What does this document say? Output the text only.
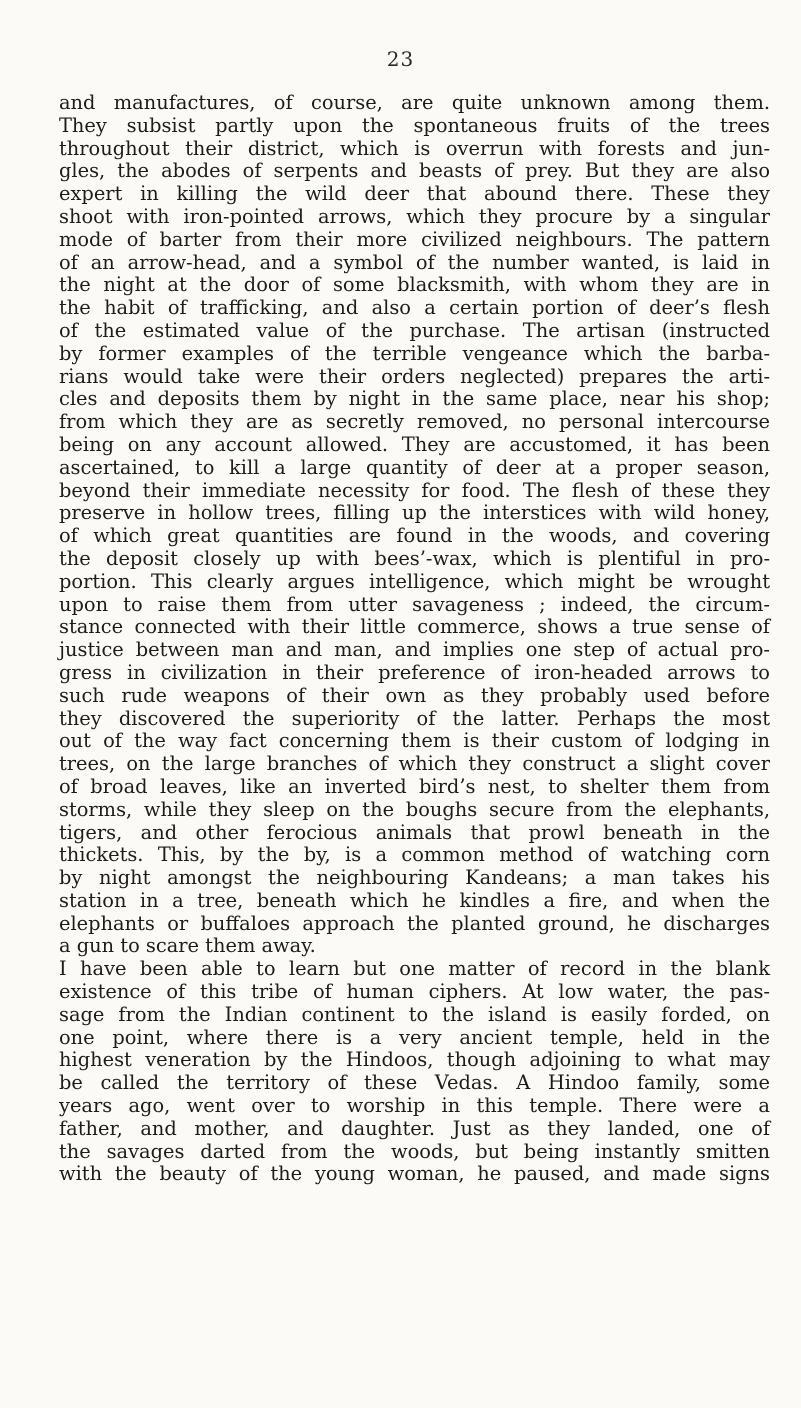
23
and manufactures, of course, are quite unknown among them.
They subsist partly upon the spontaneous fruits of the trees
throughout their district, which is overrun with forests and jun-
gles, the abodes of serpents and beasts of prey. But they are also
expert in killing the wild deer that abound there. These they
shoot with iron-pointed arrows, which they procure by a singular
mode of barter from their more civilized neighbours. The pattern
of an arrow-head, and a symbol of the number wanted, is laid in
the night at the door of some blacksmith, with whom they are in
the habit of trafficking, and also a certain portion of deer’s flesh
of the estimated value of the purchase. The artisan (instructed
by former examples of the terrible vengeance which the barba-
rians would take were their orders neglected) prepares the arti-
cles and deposits them by night in the same place, near his shop;
from which they are as secretly removed, no personal intercourse
being on any account allowed. They are accustomed, it has been
ascertained, to kill a large quantity of deer at a proper season,
beyond their immediate necessity for food. The flesh of these they
preserve in hollow trees, filling up the interstices with wild honey,
of which great quantities are found in the woods, and covering
the deposit closely up with bees’-wax, which is plentiful in pro-
portion. This clearly argues intelligence, which might be wrought
upon to raise them from utter savageness ; indeed, the circum-
stance connected with their little commerce, shows a true sense of
justice between man and man, and implies one step of actual pro-
gress in civilization in their preference of iron-headed arrows to
such rude weapons of their own as they probably used before
they discovered the superiority of the latter. Perhaps the most
out of the way fact concerning them is their custom of lodging in
trees, on the large branches of which they construct a slight cover
of broad leaves, like an inverted bird’s nest, to shelter them from
storms, while they sleep on the boughs secure from the elephants,
tigers, and other ferocious animals that prowl beneath in the
thickets. This, by the by, is a common method of watching corn
by night amongst the neighbouring Kandeans; a man takes his
station in a tree, beneath which he kindles a fire, and when the
elephants or buffaloes approach the planted ground, he discharges
a gun to scare them away.
I have been able to learn but one matter of record in the blank
existence of this tribe of human ciphers. At low water, the pas-
sage from the Indian continent to the island is easily forded, on
one point, where there is a very ancient temple, held in the
highest veneration by the Hindoos, though adjoining to what may
be called the territory of these Vedas. A Hindoo family, some
years ago, went over to worship in this temple. There were a
father, and mother, and daughter. Just as they landed, one of
the savages darted from the woods, but being instantly smitten
with the beauty of the young woman, he paused, and made signs
